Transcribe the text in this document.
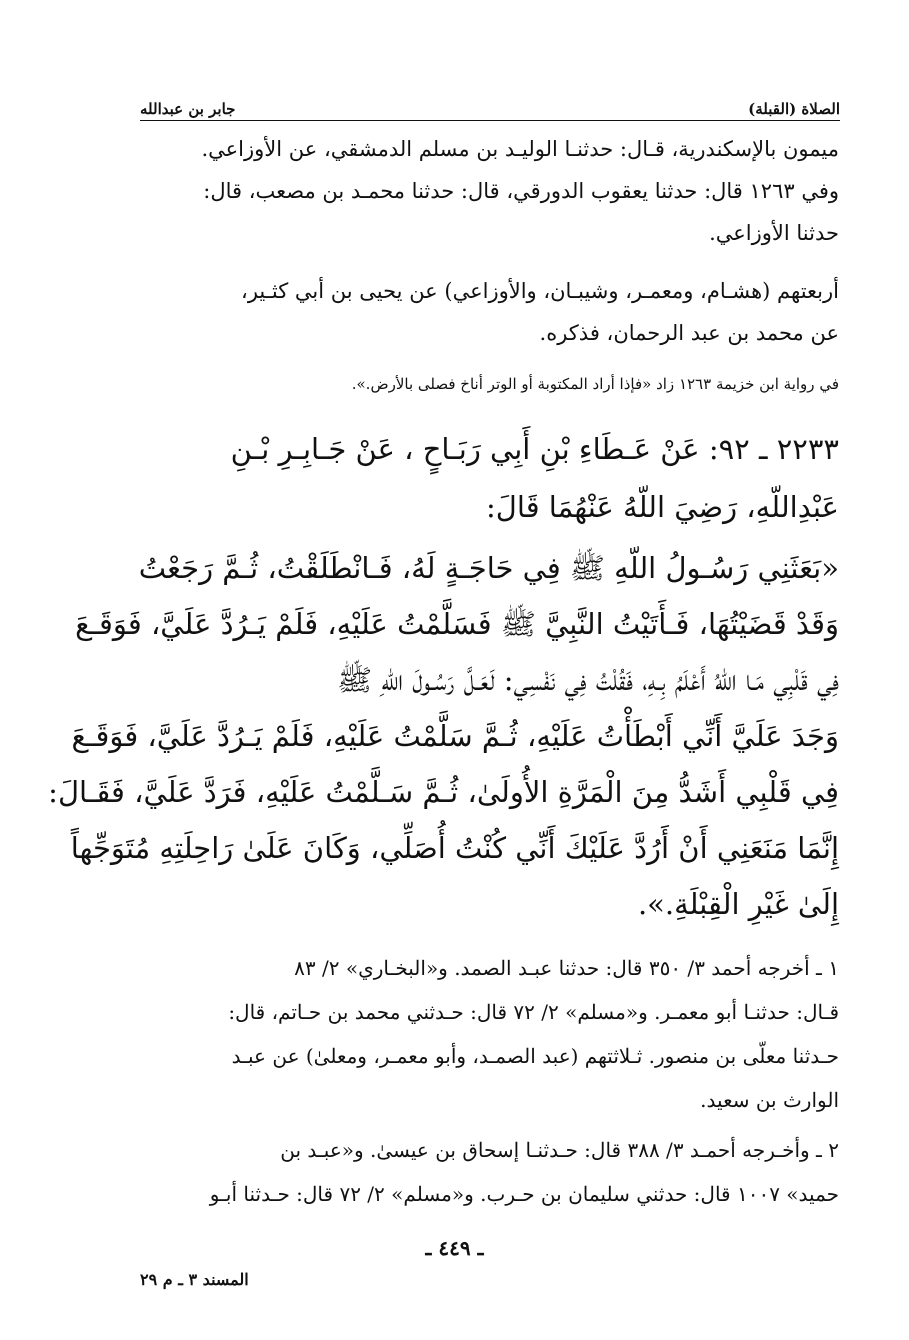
الصلاة (القبلة)
جابر بن عبدالله
ميمون بالإسكندرية، قـال: حدثنـا الوليـد بن مسلم الدمشقي، عن الأوزاعي.
وفي ١٢٦٣ قال: حدثنا يعقوب الدورقي، قال: حدثنا محمـد بن مصعب، قال:
حدثنا الأوزاعي.
أربعتهم (هشـام، ومعمـر، وشيبـان، والأوزاعي) عن يحيى بن أبي كثـير،
عن محمد بن عبد الرحمان، فذكره.
في رواية ابن خزيمة ١٢٦٣ زاد «فإذا أراد المكتوبة أو الوتر أناخ فصلى بالأرض.».
٢٢٣٣ ـ ٩٢: عَنْ عَـطَاءِ بْنِ أَبِي رَبَـاحٍ ، عَنْ جَـابِـرِ بْـنِ
عَبْدِاللّهِ، رَضِيَ اللّهُ عَنْهُمَا قَالَ:
«بَعَثَنِي رَسُـولُ اللّهِ ﷺ فِي حَاجَـةٍ لَهُ، فَـانْطَلَقْتُ، ثُـمَّ رَجَعْتُ
وَقَدْ قَضَيْتُهَا، فَـأَتَيْتُ النَّبِيَّ ﷺ فَسَلَّمْتُ عَلَيْهِ، فَلَمْ يَـرُدَّ عَلَيَّ، فَوَقَـعَ
فِي قَلْبِي مَـا اللّهُ أَعْلَمُ بِـهِ، فَقُلْتُ فِي نَفْسِي: لَعَـلَّ رَسُـولَ اللّهِ ﷺ
وَجَدَ عَلَيَّ أَنِّي أَبْطَأْتُ عَلَيْهِ، ثُـمَّ سَلَّمْتُ عَلَيْهِ، فَلَمْ يَـرُدَّ عَلَيَّ، فَوَقَـعَ
فِي قَلْبِي أَشَدُّ مِنَ الْمَرَّةِ الأُولَىٰ، ثُـمَّ سَـلَّمْتُ عَلَيْهِ، فَرَدَّ عَلَيَّ، فَقَـالَ:
إِنَّمَا مَنَعَنِي أَنْ أَرُدَّ عَلَيْكَ أَنِّي كُنْتُ أُصَلِّي، وَكَانَ عَلَىٰ رَاحِلَتِهِ مُتَوَجِّهاً
إِلَىٰ غَيْرِ الْقِبْلَةِ.».
١ ـ أخرجه أحمد ٣/ ٣٥٠ قال: حدثنا عبـد الصمد. و«البخـاري» ٢/ ٨٣
قـال: حدثنـا أبو معمـر. و«مسلم» ٢/ ٧٢ قال: حـدثني محمد بن حـاتم، قال:
حـدثنا معلّى بن منصور. ثـلاثتهم (عبد الصمـد، وأبو معمـر، ومعلىٰ) عن عبـد
الوارث بن سعيد.
٢ ـ وأخـرجه أحمـد ٣/ ٣٨٨ قال: حـدثنـا إسحاق بن عيسىٰ. و«عبـد بن
حميد» ١٠٠٧ قال: حدثني سليمان بن حـرب. و«مسلم» ٢/ ٧٢ قال: حـدثنا أبـو
ـ ٤٤٩ ـ
المسند ٣ ـ م ٢٩
